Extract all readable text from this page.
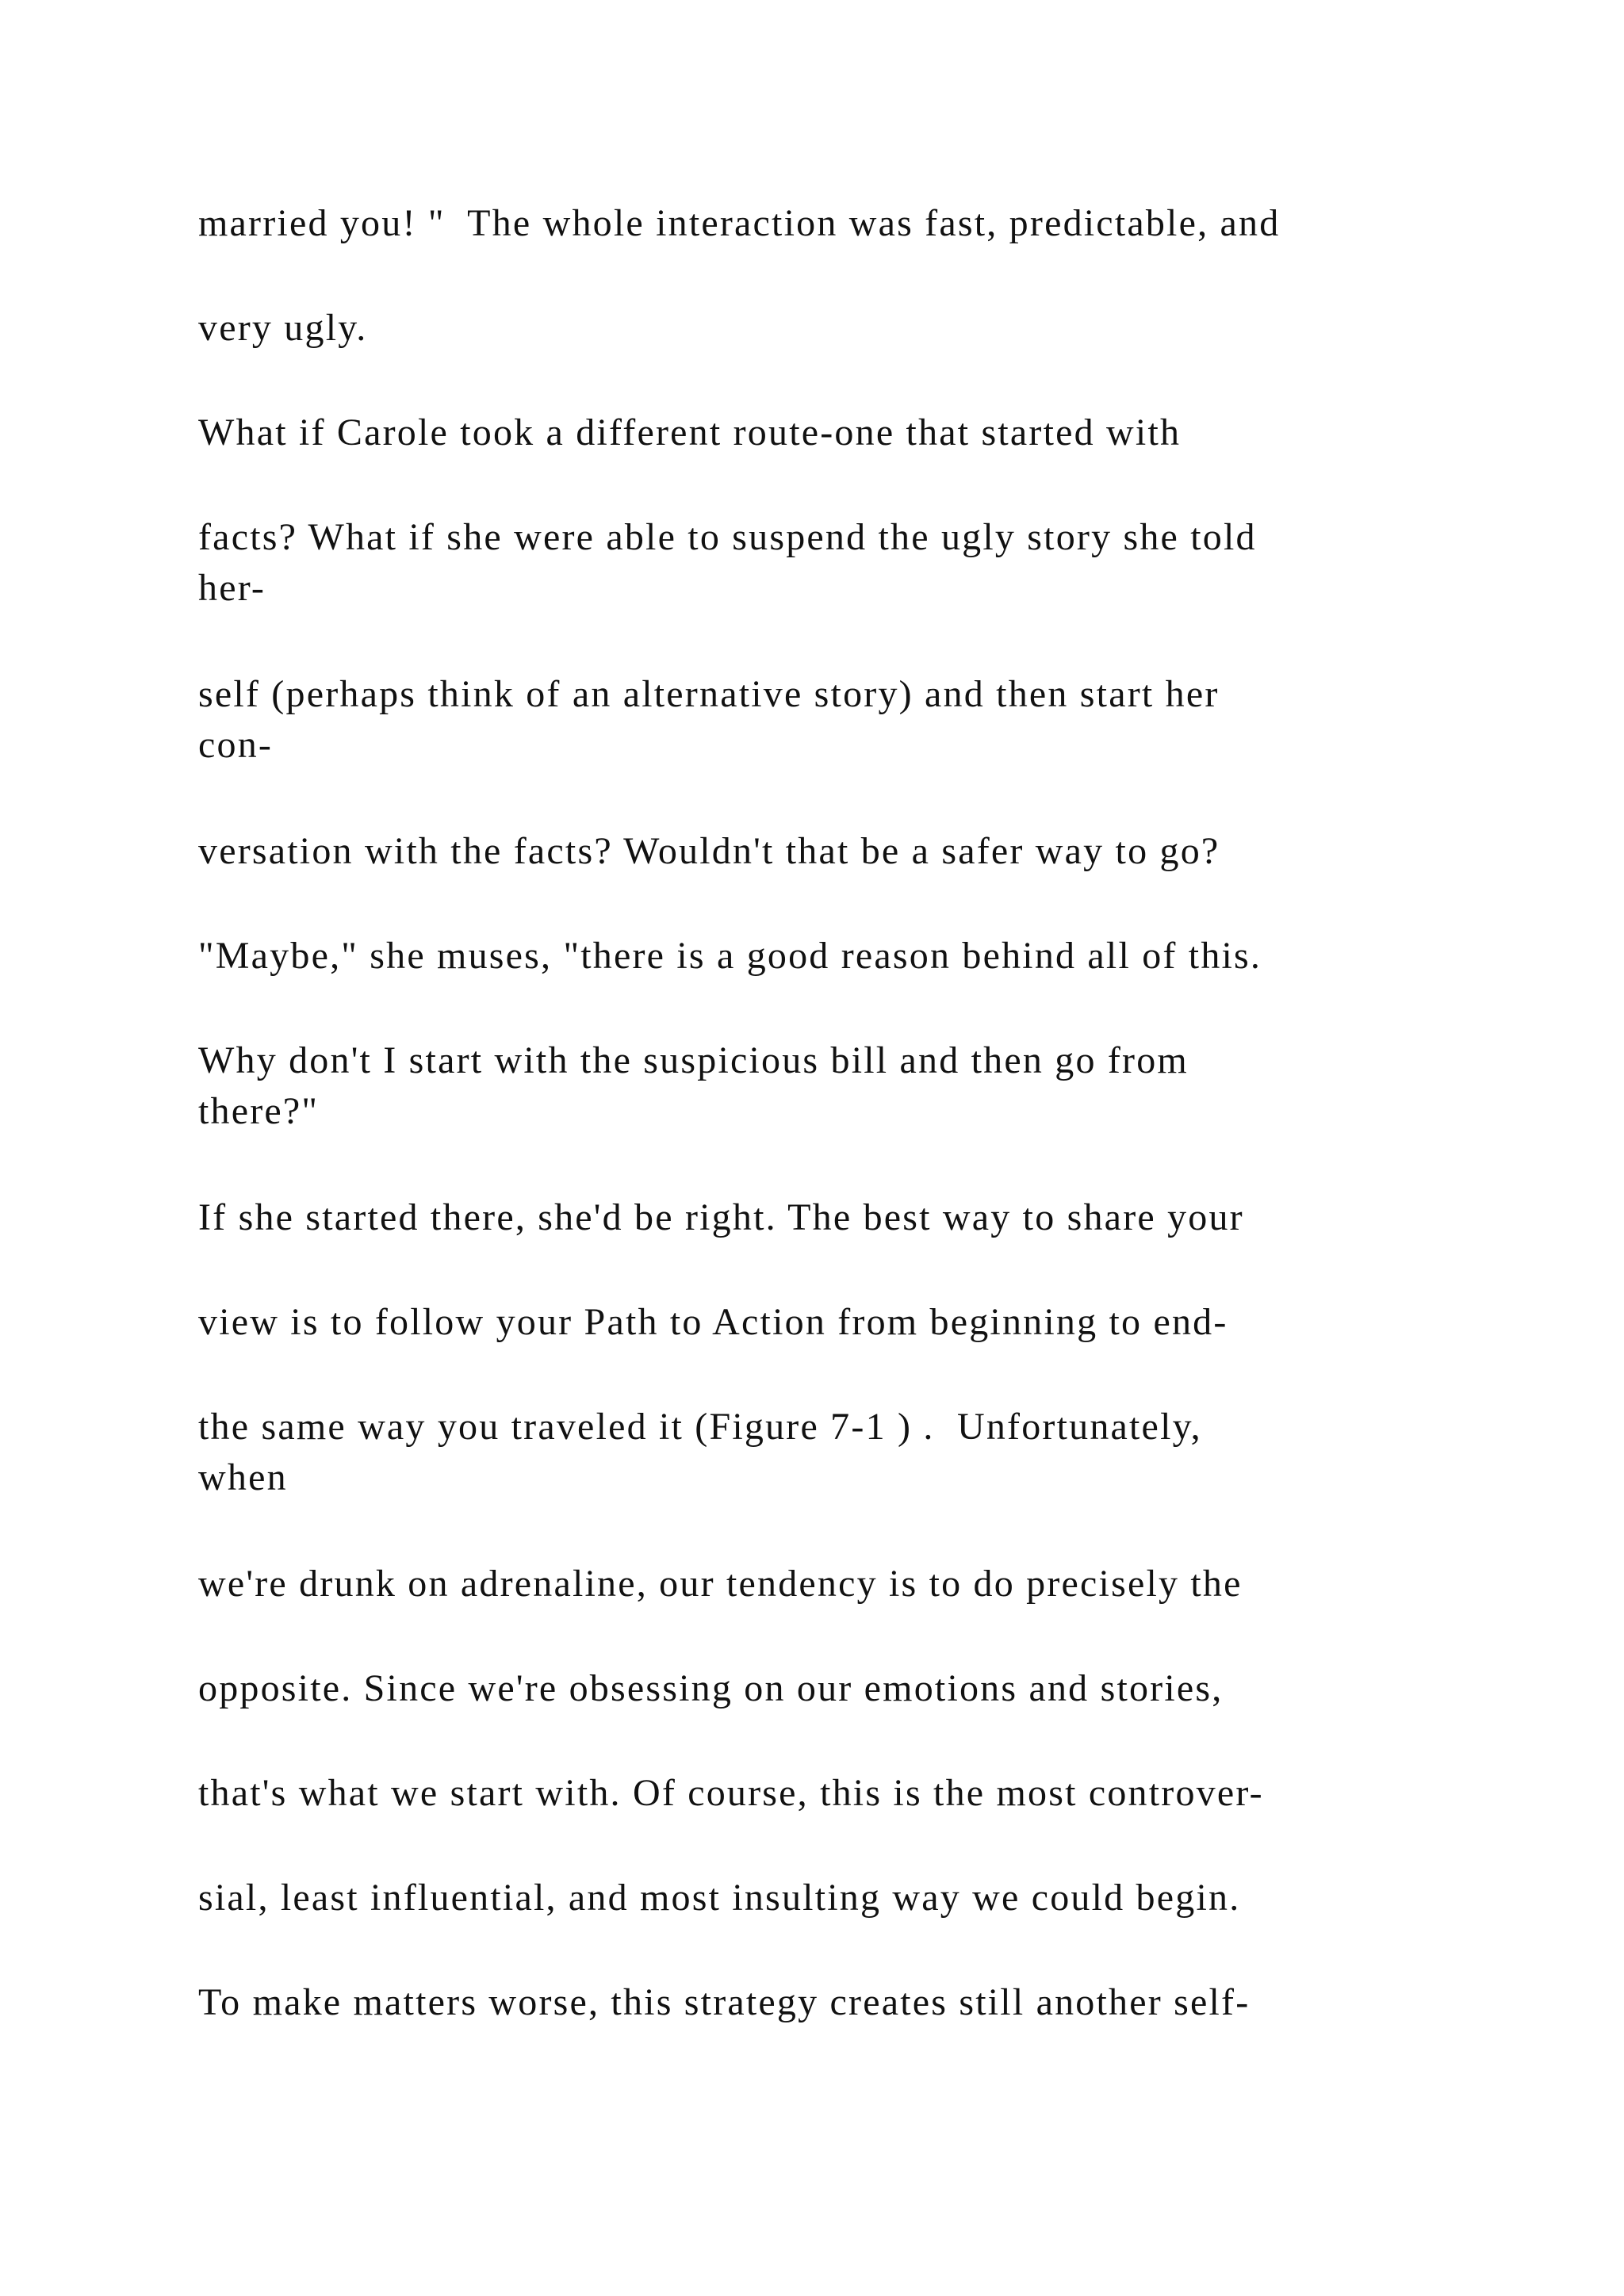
married you! "  The whole interaction was fast, predictable, and

very ugly.

What if Carole took a different route-one that started with

facts? What if she were able to suspend the ugly story she told
her-

self (perhaps think of an alternative story) and then start her
con-

versation with the facts? Wouldn't that be a safer way to go?

"Maybe," she muses, "there is a good reason behind all of this.

Why don't I start with the suspicious bill and then go from
there?"

If she started there, she'd be right. The best way to share your

view is to follow your Path to Action from beginning to end-

the same way you traveled it (Figure 7-1 ) .  Unfortunately,
when

we're drunk on adrenaline, our tendency is to do precisely the

opposite. Since we're obsessing on our emotions and stories,

that's what we start with. Of course, this is the most controver-

sial, least influential, and most insulting way we could begin.

To make matters worse, this strategy creates still another self-
